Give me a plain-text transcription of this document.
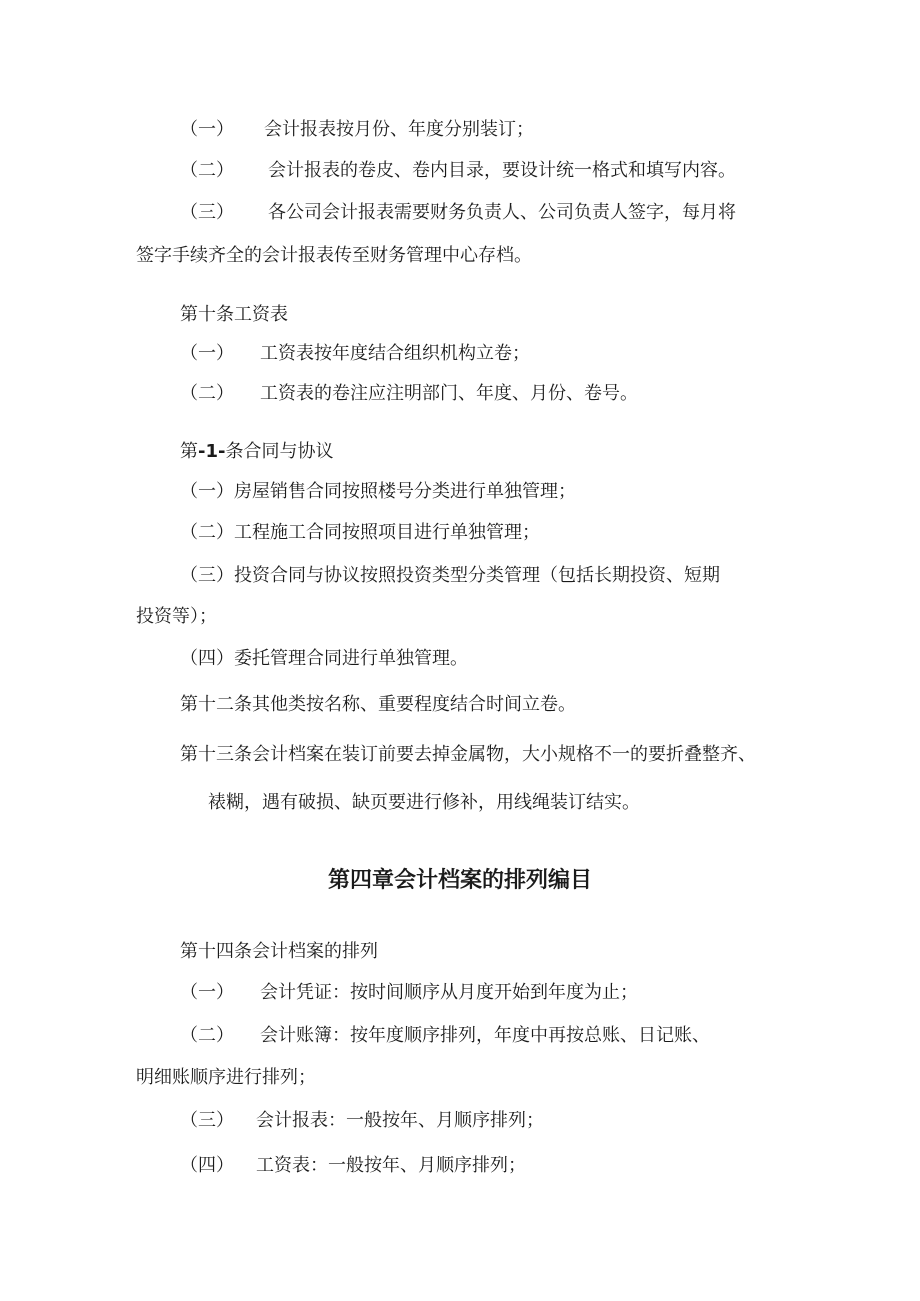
（一） 会计报表按月份、年度分别装订；
（二） 会计报表的卷皮、卷内目录，要设计统一格式和填写内容。
（三） 各公司会计报表需要财务负责人、公司负责人签字，每月将
签字手续齐全的会计报表传至财务管理中心存档。
第十条工资表
（一） 工资表按年度结合组织机构立卷；
（二） 工资表的卷注应注明部门、年度、月份、卷号。
第-1-条合同与协议
（一）房屋销售合同按照楼号分类进行单独管理；
（二）工程施工合同按照项目进行单独管理；
（三）投资合同与协议按照投资类型分类管理（包括长期投资、短期
投资等）；
（四）委托管理合同进行单独管理。
第十二条其他类按名称、重要程度结合时间立卷。
第十三条会计档案在装订前要去掉金属物，大小规格不一的要折叠整齐、
裱糊，遇有破损、缺页要进行修补，用线绳装订结实。
第四章会计档案的排列编目
第十四条会计档案的排列
（一） 会计凭证：按时间顺序从月度开始到年度为止；
（二） 会计账簿：按年度顺序排列，年度中再按总账、日记账、
明细账顺序进行排列；
（三） 会计报表：一般按年、月顺序排列；
（四） 工资表：一般按年、月顺序排列；
